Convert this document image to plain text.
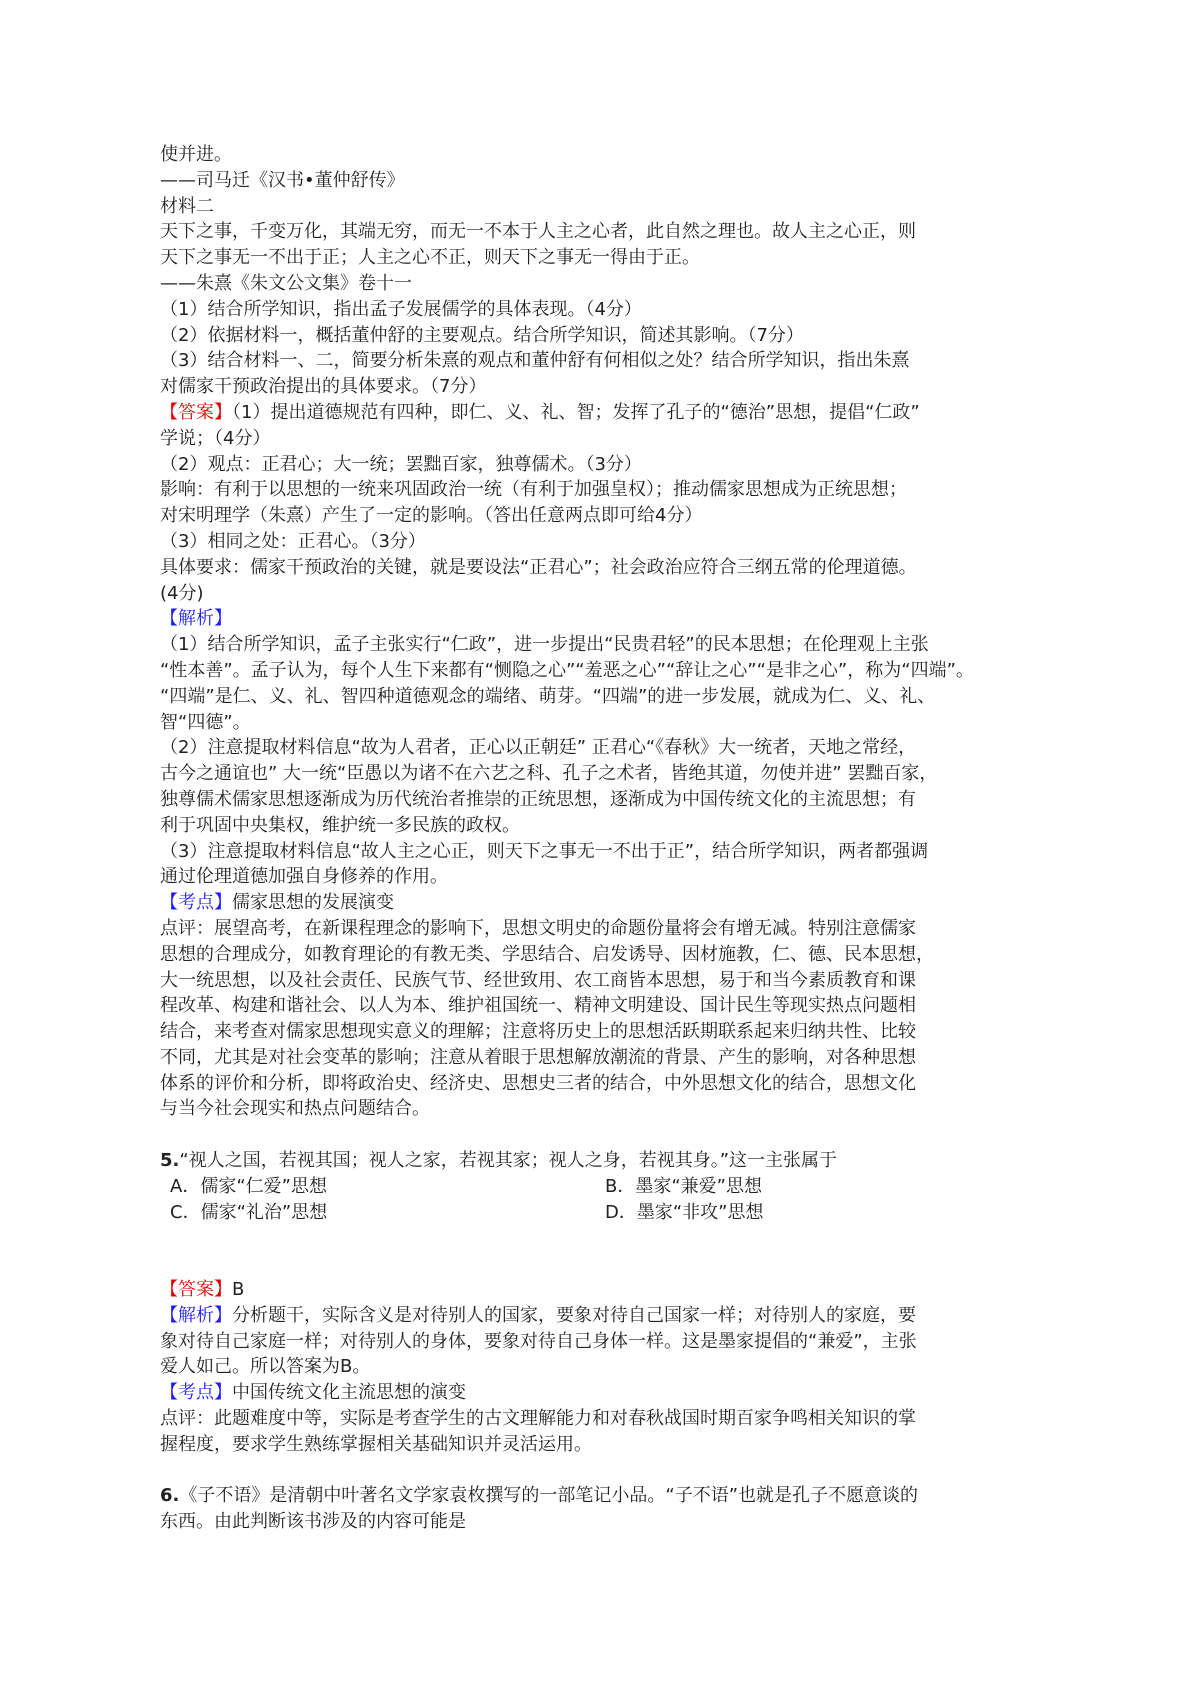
使并进。
——司马迁《汉书•董仲舒传》
材料二
天下之事，千变万化，其端无穷，而无一不本于人主之心者，此自然之理也。故人主之心正，则
天下之事无一不出于正；人主之心不正，则天下之事无一得由于正。
——朱熹《朱文公文集》卷十一
（1）结合所学知识，指出孟子发展儒学的具体表现。（4分）
（2）依据材料一，概括董仲舒的主要观点。结合所学知识，简述其影响。（7分）
（3）结合材料一、二，简要分析朱熹的观点和董仲舒有何相似之处？结合所学知识，指出朱熹
对儒家干预政治提出的具体要求。（7分）
【答案】（1）提出道德规范有四种，即仁、义、礼、智；发挥了孔子的“德治”思想，提倡“仁政”
学说；（4分）
（2）观点：正君心；大一统；罢黜百家，独尊儒术。（3分）
影响：有利于以思想的一统来巩固政治一统（有利于加强皇权）；推动儒家思想成为正统思想；
对宋明理学（朱熹）产生了一定的影响。（答出任意两点即可给4分）
（3）相同之处：正君心。（3分）
具体要求：儒家干预政治的关键，就是要设法“正君心”；社会政治应符合三纲五常的伦理道德。
(4分)
【解析】
（1）结合所学知识，孟子主张实行“仁政”，进一步提出“民贵君轻”的民本思想；在伦理观上主张
“性本善”。孟子认为，每个人生下来都有“恻隐之心”“羞恶之心”“辞让之心”“是非之心”，称为“四端”。
“四端”是仁、义、礼、智四种道德观念的端绪、萌芽。“四端”的进一步发展，就成为仁、义、礼、
智“四德”。
（2）注意提取材料信息“故为人君者，正心以正朝廷” 正君心“《春秋》大一统者，天地之常经，
古今之通谊也” 大一统“臣愚以为诸不在六艺之科、孔子之术者，皆绝其道，勿使并进” 罢黜百家，
独尊儒术儒家思想逐渐成为历代统治者推崇的正统思想，逐渐成为中国传统文化的主流思想；有
利于巩固中央集权，维护统一多民族的政权。
（3）注意提取材料信息“故人主之心正，则天下之事无一不出于正”，结合所学知识，两者都强调
通过伦理道德加强自身修养的作用。
【考点】儒家思想的发展演变
点评：展望高考，在新课程理念的影响下，思想文明史的命题份量将会有增无减。特别注意儒家
思想的合理成分，如教育理论的有教无类、学思结合、启发诱导、因材施教，仁、德、民本思想，
大一统思想，以及社会责任、民族气节、经世致用、农工商皆本思想，易于和当今素质教育和课
程改革、构建和谐社会、以人为本、维护祖国统一、精神文明建设、国计民生等现实热点问题相
结合，来考查对儒家思想现实意义的理解；注意将历史上的思想活跃期联系起来归纳共性、比较
不同，尤其是对社会变革的影响；注意从着眼于思想解放潮流的背景、产生的影响，对各种思想
体系的评价和分析，即将政治史、经济史、思想史三者的结合，中外思想文化的结合，思想文化
与当今社会现实和热点问题结合。
5.“视人之国，若视其国；视人之家，若视其家；视人之身，若视其身。”这一主张属于
A．儒家“仁爱”思想	B．墨家“兼爱”思想
C．儒家“礼治”思想	D．墨家“非攻”思想
【答案】B
【解析】分析题干，实际含义是对待别人的国家，要象对待自己国家一样；对待别人的家庭，要
象对待自己家庭一样；对待别人的身体，要象对待自己身体一样。这是墨家提倡的“兼爱”，主张
爱人如己。所以答案为B。
【考点】中国传统文化主流思想的演变
点评：此题难度中等，实际是考查学生的古文理解能力和对春秋战国时期百家争鸣相关知识的掌
握程度，要求学生熟练掌握相关基础知识并灵活运用。
6.《子不语》是清朝中叶著名文学家袁枚撰写的一部笔记小品。“子不语”也就是孔子不愿意谈的
东西。由此判断该书涉及的内容可能是
